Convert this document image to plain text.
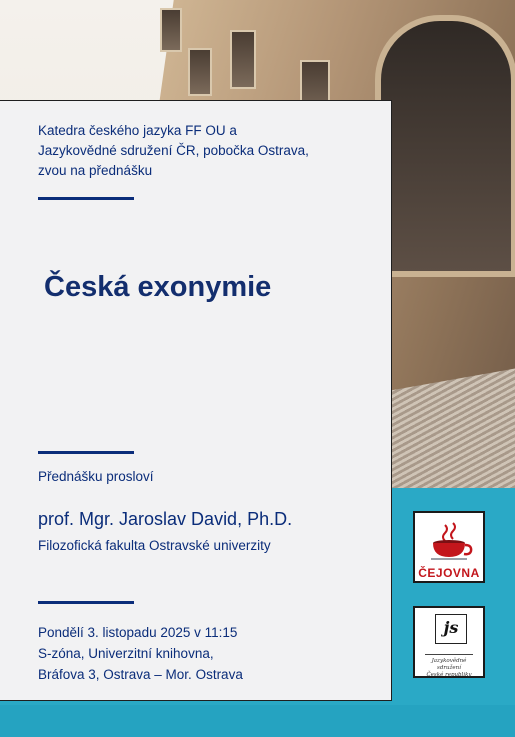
Katedra českého jazyka FF OU a
Jazykovědné sdružení ČR, pobočka Ostrava,
zvou na přednášku
Česká exonymie
Přednášku prosloví
prof. Mgr. Jaroslav David, Ph.D.
Filozofická fakulta Ostravské univerzity
Pondělí 3. listopadu 2025 v 11:15
S-zóna, Univerzitní knihovna,
Bráfova 3, Ostrava – Mor. Ostrava
ČEJOVNA
js
Jazykovědné sdružení
České republiky
